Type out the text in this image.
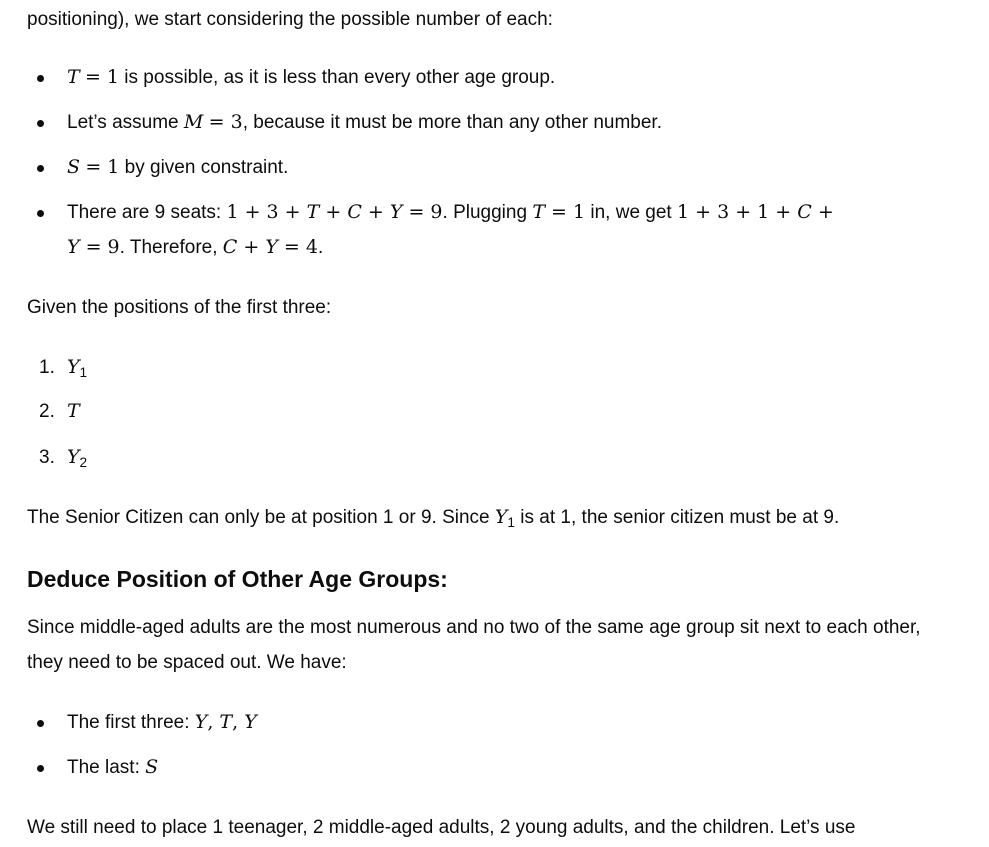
positioning), we start considering the possible number of each:

T = 1 is possible, as it is less than every other age group.
Let’s assume M = 3, because it must be more than any other number.
S = 1 by given constraint.
There are 9 seats: 1 + 3 + T + C + Y = 9. Plugging T = 1 in, we get 1 + 3 + 1 + C +
Y = 9. Therefore, C + Y = 4.

Given the positions of the first three:

1. $Y_1$
2. T
3. $Y_2$

The Senior Citizen can only be at position 1 or 9. Since $Y_1$ is at 1, the senior citizen must be at 9.

Deduce Position of Other Age Groups:

Since middle-aged adults are the most numerous and no two of the same age group sit next to each other, they need to be spaced out. We have:

The first three: Y, T, Y
The last: S

We still need to place 1 teenager, 2 middle-aged adults, 2 young adults, and the children. Let’s use
